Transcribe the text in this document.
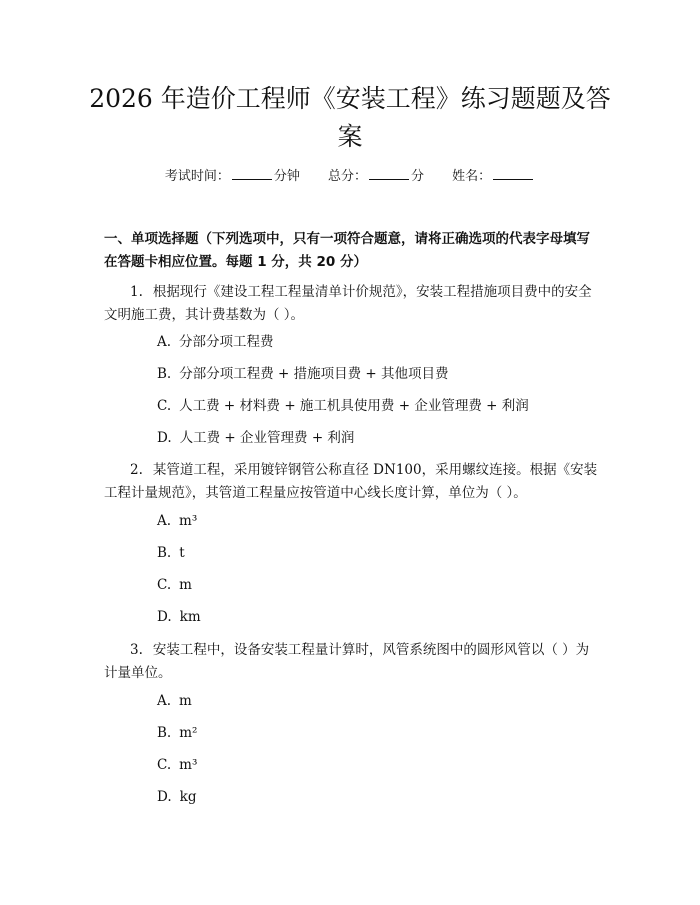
2026 年造价工程师《安装工程》练习题题及答案
考试时间：	分钟 总分：	分 姓名：

一、单项选择题（下列选项中，只有一项符合题意，请将正确选项的代表字母填写在答题卡相应位置。每题 1 分，共 20 分）

1. 根据现行《建设工程工程量清单计价规范》，安装工程措施项目费中的安全文明施工费，其计费基数为（ ）。

A. 分部分项工程费

B. 分部分项工程费 + 措施项目费 + 其他项目费

C. 人工费 + 材料费 + 施工机具使用费 + 企业管理费 + 利润

D. 人工费 + 企业管理费 + 利润

2. 某管道工程，采用镀锌钢管公称直径 DN100，采用螺纹连接。根据《安装工程计量规范》，其管道工程量应按管道中心线长度计算，单位为（ ）。

A. m³

B. t

C. m

D. km

3. 安装工程中，设备安装工程量计算时，风管系统图中的圆形风管以（ ）为计量单位。

A. m

B. m²

C. m³

D. kg
